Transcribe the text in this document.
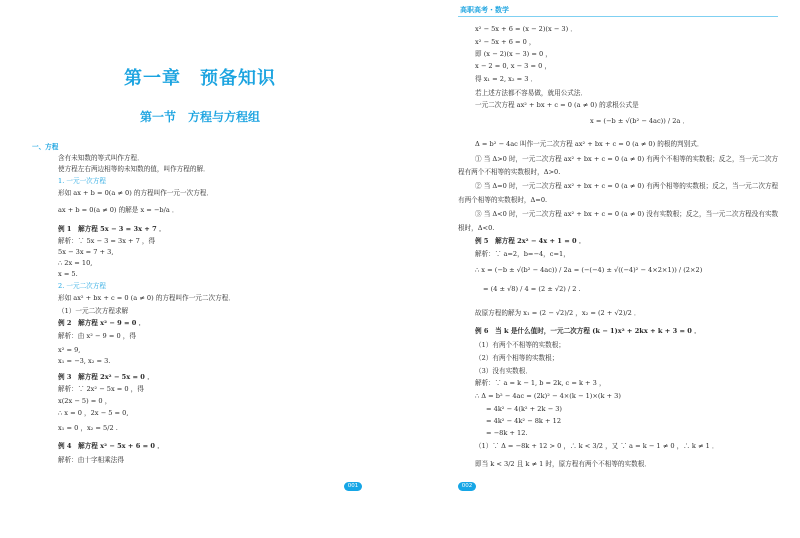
第一章　预备知识
第一节　方程与方程组
一、方程
含有未知数的等式叫作方程．
使方程左右两边相等的未知数的值，叫作方程的解．
1. 一元一次方程
形如 ax + b = 0(a ≠ 0) 的方程叫作一元一次方程．
ax + b = 0(a ≠ 0) 的解是 x = −b/a ．
例 1　解方程 5x − 3 = 3x + 7 ．
解析：∵ 5x − 3 = 3x + 7 ，得
5x − 3x = 7 + 3,
∴ 2x = 10,
x = 5.
2. 一元二次方程
形如 ax² + bx + c = 0 (a ≠ 0) 的方程叫作一元二次方程．
（1）一元二次方程求解
例 2　解方程 x² − 9 = 0 ．
解析：由 x² − 9 = 0 ，得
x² = 9,
x₁ = −3, x₂ = 3.
例 3　解方程 2x² − 5x = 0 ．
解析：∵ 2x² − 5x = 0 ，得
x(2x − 5) = 0 ，
∴ x = 0 ，2x − 5 = 0,
x₁ = 0 ，x₂ = 5/2 .
例 4　解方程 x² − 5x + 6 = 0 ．
解析：由十字相乘法得
001
高职高考・数学
x² − 5x + 6 = (x − 2)(x − 3) ．
x² − 5x + 6 = 0 ，
即 (x − 2)(x − 3) = 0 ，
x − 2 = 0, x − 3 = 0 ，
得 x₁ = 2, x₂ = 3 ．
若上述方法都不容易做，就用公式法．
一元二次方程 ax² + bx + c = 0 (a ≠ 0) 的求根公式是
x = (−b ± √(b² − 4ac)) / 2a ．
Δ = b² − 4ac 叫作一元二次方程 ax² + bx + c = 0 (a ≠ 0) 的根的判别式．
① 当 Δ>0 时，一元二次方程 ax² + bx + c = 0 (a ≠ 0) 有两个不相等的实数根；反之，当一元二次方
程有两个不相等的实数根时，Δ>0.
② 当 Δ=0 时，一元二次方程 ax² + bx + c = 0 (a ≠ 0) 有两个相等的实数根；反之，当一元二次方程
有两个相等的实数根时，Δ=0.
③ 当 Δ<0 时，一元二次方程 ax² + bx + c = 0 (a ≠ 0) 没有实数根；反之，当一元二次方程没有实数
根时，Δ<0.
例 5　解方程 2x² − 4x + 1 = 0 ．
解析：∵ a=2，b=−4，c=1，
∴ x = (−b ± √(b² − 4ac)) / 2a = (−(−4) ± √((−4)² − 4×2×1)) / (2×2)
= (4 ± √8) / 4 = (2 ± √2) / 2 .
故原方程的解为 x₁ = (2 − √2)/2 ，x₂ = (2 + √2)/2 ．
例 6　当 k 是什么值时，一元二次方程 (k − 1)x² + 2kx + k + 3 = 0 ．
（1）有两个不相等的实数根；
（2）有两个相等的实数根；
（3）没有实数根．
解析：∵ a = k − 1, b = 2k, c = k + 3 ，
∴ Δ = b² − 4ac = (2k)² − 4×(k − 1)×(k + 3)
= 4k² − 4(k² + 2k − 3)
= 4k² − 4k² − 8k + 12
= −8k + 12.
（1）∵ Δ = −8k + 12 > 0 ，∴ k < 3/2 ，又 ∵ a = k − 1 ≠ 0 ，∴ k ≠ 1 ．
即当 k < 3/2 且 k ≠ 1 时，原方程有两个不相等的实数根．
002
